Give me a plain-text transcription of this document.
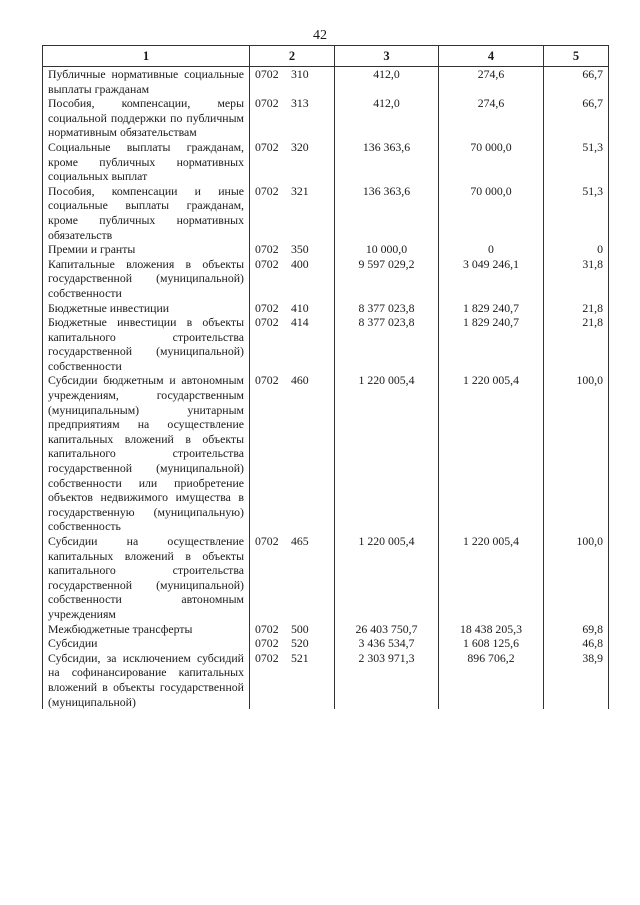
42
1	2	3	4	5
Публичные нормативные социальные выплаты гражданам	0702 310	412,0	274,6	66,7
Пособия, компенсации, меры социальной поддержки по публичным нормативным обязательствам	0702 313	412,0	274,6	66,7
Социальные выплаты гражданам, кроме публичных нормативных социальных выплат	0702 320	136 363,6	70 000,0	51,3
Пособия, компенсации и иные социальные выплаты гражданам, кроме публичных нормативных обязательств	0702 321	136 363,6	70 000,0	51,3
Премии и гранты	0702 350	10 000,0	0	0
Капитальные вложения в объекты государственной (муниципальной) собственности	0702 400	9 597 029,2	3 049 246,1	31,8
Бюджетные инвестиции	0702 410	8 377 023,8	1 829 240,7	21,8
Бюджетные инвестиции в объекты капитального строительства государственной (муниципальной) собственности	0702 414	8 377 023,8	1 829 240,7	21,8
Субсидии бюджетным и автономным учреждениям, государственным (муниципальным) унитарным предприятиям на осуществление капитальных вложений в объекты капитального строительства государственной (муниципальной) собственности или приобретение объектов недвижимого имущества в государственную (муниципальную) собственность	0702 460	1 220 005,4	1 220 005,4	100,0
Субсидии на осуществление капитальных вложений в объекты капитального строительства государственной (муниципальной) собственности автономным учреждениям	0702 465	1 220 005,4	1 220 005,4	100,0
Межбюджетные трансферты	0702 500	26 403 750,7	18 438 205,3	69,8
Субсидии	0702 520	3 436 534,7	1 608 125,6	46,8
Субсидии, за исключением субсидий на софинансирование капитальных вложений в объекты государственной (муниципальной)	0702 521	2 303 971,3	896 706,2	38,9
